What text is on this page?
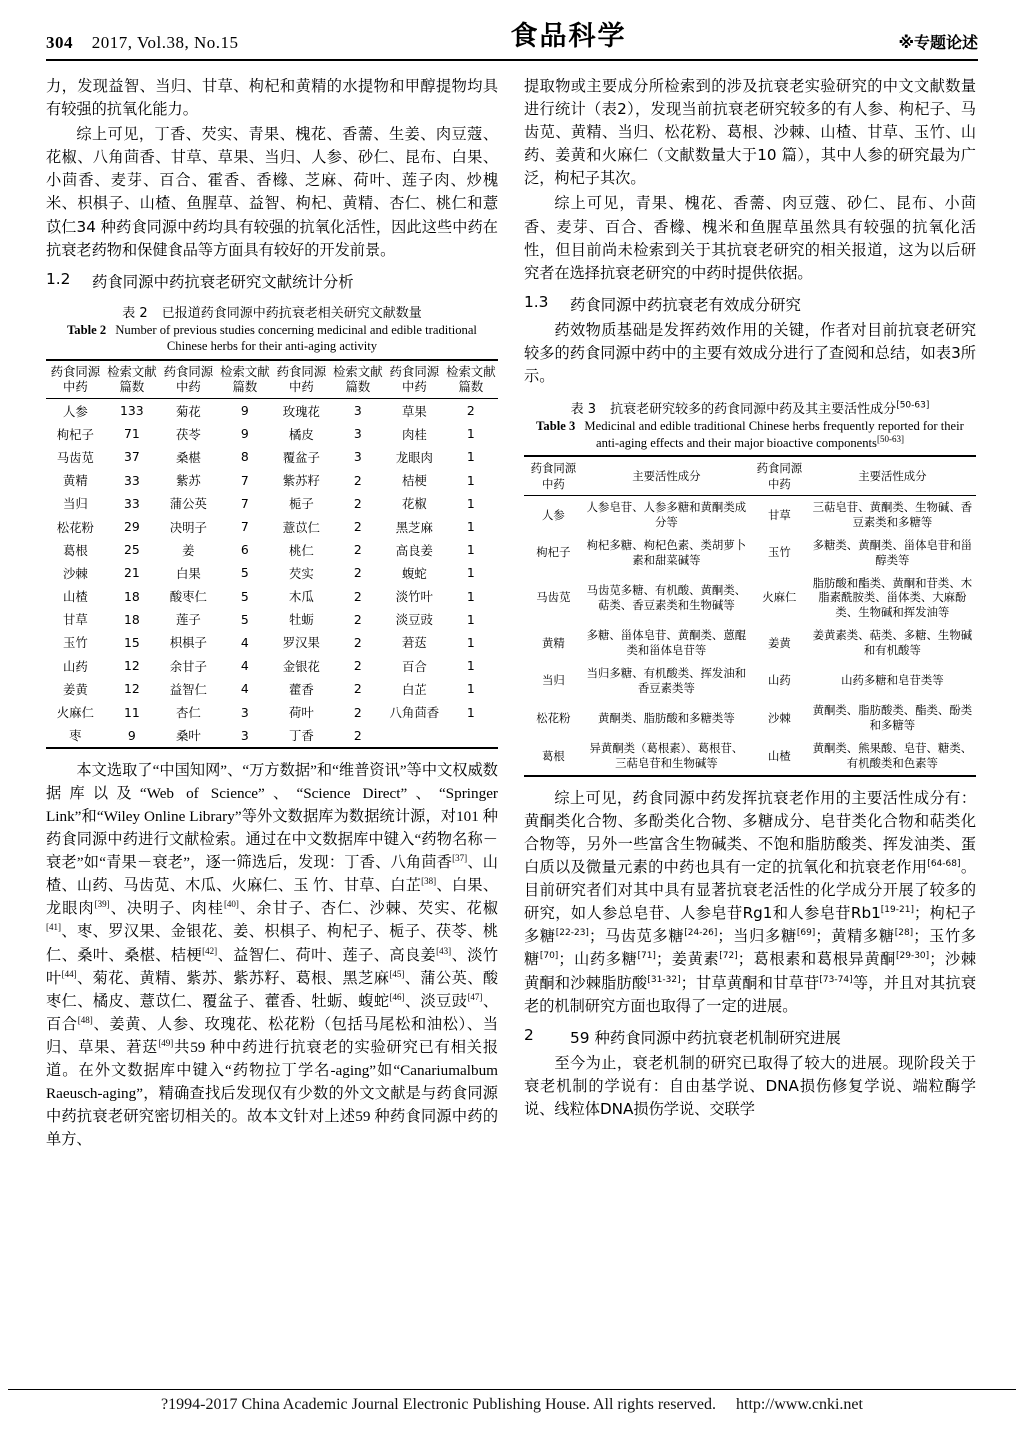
304 2017, Vol.38, No.15	食品科学	※专题论述

力，发现益智、当归、甘草、枸杞和黄精的水提物和甲醇提物均具有较强的抗氧化能力。

综上可见，丁香、芡实、青果、槐花、香薷、生姜、肉豆蔻、花椒、八角茴香、甘草、草果、当归、人参、砂仁、昆布、白果、小茴香、麦芽、百合、霍香、香橼、芝麻、荷叶、莲子肉、炒槐米、枳椇子、山楂、鱼腥草、益智、枸杞、黄精、杏仁、桃仁和薏苡仁34 种药食同源中药均具有较强的抗氧化活性，因此这些中药在抗衰老药物和保健食品等方面具有较好的开发前景。

1.2	药食同源中药抗衰老研究文献统计分析
表 2 已报道药食同源中药抗衰老相关研究文献数量
Table 2 Number of previous studies concerning medicinal and edible traditional Chinese herbs for their anti-aging activity
药食同源中药	检索文献篇数	药食同源中药	检索文献篇数	药食同源中药	检索文献篇数	药食同源中药	检索文献篇数
人参	133	菊花	9	玫瑰花	3	草果	2
枸杞子	71	茯苓	9	橘皮	3	肉桂	1
马齿苋	37	桑椹	8	覆盆子	3	龙眼肉	1
黄精	33	紫苏	7	紫苏籽	2	桔梗	1
当归	33	蒲公英	7	栀子	2	花椒	1
松花粉	29	决明子	7	薏苡仁	2	黑芝麻	1
葛根	25	姜	6	桃仁	2	高良姜	1
沙棘	21	白果	5	芡实	2	蝮蛇	1
山楂	18	酸枣仁	5	木瓜	2	淡竹叶	1
甘草	18	莲子	5	牡蛎	2	淡豆豉	1
玉竹	15	枳椇子	4	罗汉果	2	莙荙	1
山药	12	余甘子	4	金银花	2	百合	1
姜黄	12	益智仁	4	藿香	2	白芷	1
火麻仁	11	杏仁	3	荷叶	2	八角茴香	1
枣	9	桑叶	3	丁香	2		

本文选取了“中国知网”、“万方数据”和“维普资讯”等中文权威数据库以及“Web of Science”、“Science Direct”、“Springer Link”和“Wiley Online Library”等外文数据库为数据统计源，对101 种药食同源中药进行文献检索。通过在中文数据库中键入“药物名称－衰老”如“青果－衰老”，逐一筛选后，发现：丁香、八角茴香[37]、山楂、山药、马齿苋、木瓜、火麻仁、玉 竹、甘草、白芷[38]、白果、龙眼肉[39]、决明子、肉桂[40]、余甘子、杏仁、沙棘、芡实、花椒[41]、枣、罗汉果、金银花、姜、枳椇子、枸杞子、栀子、茯苓、桃仁、桑叶、桑椹、桔梗[42]、益智仁、荷叶、莲子、高良姜[43]、淡竹叶[44]、菊花、黄精、紫苏、紫苏籽、葛根、黑芝麻[45]、蒲公英、酸枣仁、橘皮、薏苡仁、覆盆子、藿香、牡蛎、蝮蛇[46]、淡豆豉[47]、百合[48]、姜黄、人参、玫瑰花、松花粉（包括马尾松和油松）、当归、草果、莙荙[49]共59 种中药进行抗衰老的实验研究已有相关报道。在外文数据库中键入“药物拉丁学名-aging”如“Canariumalbum Raeusch-aging”，精确查找后发现仅有少数的外文文献是与药食同源中药抗衰老研究密切相关的。故本文针对上述59 种药食同源中药的单方、

提取物或主要成分所检索到的涉及抗衰老实验研究的中文文献数量进行统计（表2），发现当前抗衰老研究较多的有人参、枸杞子、马齿苋、黄精、当归、松花粉、葛根、沙棘、山楂、甘草、玉竹、山药、姜黄和火麻仁（文献数量大于10 篇），其中人参的研究最为广泛，枸杞子其次。

综上可见，青果、槐花、香薷、肉豆蔻、砂仁、昆布、小茴香、麦芽、百合、香橼、槐米和鱼腥草虽然具有较强的抗氧化活性，但目前尚未检索到关于其抗衰老研究的相关报道，这为以后研究者在选择抗衰老研究的中药时提供依据。

1.3	药食同源中药抗衰老有效成分研究

药效物质基础是发挥药效作用的关键，作者对目前抗衰老研究较多的药食同源中药中的主要有效成分进行了查阅和总结，如表3所示。

表 3 抗衰老研究较多的药食同源中药及其主要活性成分[50-63]
Table 3 Medicinal and edible traditional Chinese herbs frequently reported for their anti-aging effects and their major bioactive components[50-63]
药食同源中药	主要活性成分	药食同源中药	主要活性成分
人参	人参皂苷、人参多糖和黄酮类成分等	甘草	三萜皂苷、黄酮类、生物碱、香豆素类和多糖等
枸杞子	枸杞多糖、枸杞色素、类胡萝卜素和甜菜碱等	玉竹	多糖类、黄酮类、甾体皂苷和甾醇类等
马齿苋	马齿苋多糖、有机酸、黄酮类、萜类、香豆素类和生物碱等	火麻仁	脂肪酸和酯类、黄酮和苷类、木脂素酰胺类、甾体类、大麻酚类、生物碱和挥发油等
黄精	多糖、甾体皂苷、黄酮类、蒽醌类和甾体皂苷等	姜黄	姜黄素类、萜类、多糖、生物碱和有机酸等
当归	当归多糖、有机酸类、挥发油和香豆素类等	山药	山药多糖和皂苷类等
松花粉	黄酮类、脂肪酸和多糖类等	沙棘	黄酮类、脂肪酸类、酯类、酚类和多糖等
葛根	异黄酮类（葛根素）、葛根苷、三萜皂苷和生物碱等	山楂	黄酮类、熊果酸、皂苷、糖类、有机酸类和色素等

综上可见，药食同源中药发挥抗衰老作用的主要活性成分有：黄酮类化合物、多酚类化合物、多糖成分、皂苷类化合物和萜类化合物等，另外一些富含生物碱类、不饱和脂肪酸类、挥发油类、蛋白质以及微量元素的中药也具有一定的抗氧化和抗衰老作用[64-68]。目前研究者们对其中具有显著抗衰老活性的化学成分开展了较多的研究，如人参总皂苷、人参皂苷Rg1和人参皂苷Rb1[19-21]；枸杞子多糖[22-23]；马齿苋多糖[24-26]；当归多糖[69]；黄精多糖[28]；玉竹多糖[70]；山药多糖[71]；姜黄素[72]；葛根素和葛根异黄酮[29-30]；沙棘黄酮和沙棘脂肪酸[31-32]；甘草黄酮和甘草苷[73-74]等，并且对其抗衰老的机制研究方面也取得了一定的进展。

2	59 种药食同源中药抗衰老机制研究进展

至今为止，衰老机制的研究已取得了较大的进展。现阶段关于衰老机制的学说有：自由基学说、DNA损伤修复学说、端粒酶学说、线粒体DNA损伤学说、交联学

?1994-2017 China Academic Journal Electronic Publishing House. All rights reserved. http://www.cnki.net
